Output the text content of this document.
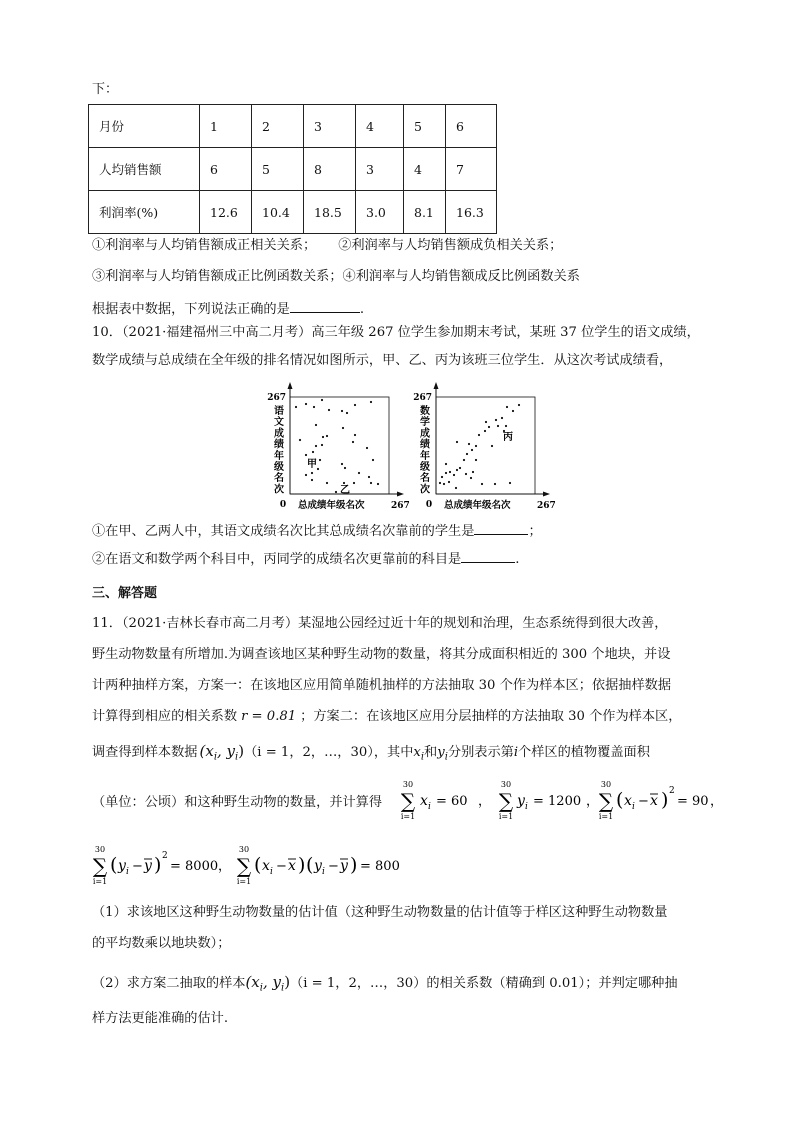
下：
月份	1	2	3	4	5	6
人均销售额	6	5	8	3	4	7
利润率(%)	12.6	10.4	18.5	3.0	8.1	16.3
①利润率与人均销售额成正相关关系； ②利润率与人均销售额成负相关关系；
③利润率与人均销售额成正比例函数关系；④利润率与人均销售额成反比例函数关系
根据表中数据，下列说法正确的是	.
10．（2021·福建福州三中高二月考）高三年级 267 位学生参加期末考试，某班 37 位学生的语文成绩，
数学成绩与总成绩在全年级的排名情况如图所示，甲、乙、丙为该班三位学生．从这次考试成绩看，
267
0 总成绩年级名次	267
语
文
成
绩
年
级
名
次
甲
乙
267
0 总成绩年级名次	267
数
学
成
绩
年
级
名
次
丙
①在甲、乙两人中，其语文成绩名次比其总成绩名次靠前的学生是	；
②在语文和数学两个科目中，丙同学的成绩名次更靠前的科目是	.
三、解答题
11．（2021·吉林长春市高二月考）某湿地公园经过近十年的规划和治理，生态系统得到很大改善，
野生动物数量有所增加.为调查该地区某种野生动物的数量，将其分成面积相近的 300 个地块，并设
计两种抽样方案，方案一：在该地区应用简单随机抽样的方法抽取 30 个作为样本区；依据抽样数据
计算得到相应的相关系数 r = 0.81 ；方案二：在该地区应用分层抽样的方法抽取 30 个作为样本区，
调查得到样本数据 ($x_i$, $y_i)(i = 1$，2，…，30），其中$x_i$和$y_i$分别表示第i个样区的植物覆盖面积
（单位：公顷）和这种野生动物的数量，并计算得
30
∑
i=1
x i = 60 ，
30
∑
i=1
y i = 1200 ，
30
∑
i=1
( x i − x ) 2
= 90 ，
30
∑
i=1
( y i − y ) 2
= 8000 ，
30
∑
i=1
( x i − x ) ( y i − y ) = 800
（1）求该地区这种野生动物数量的估计值（这种野生动物数量的估计值等于样区这种野生动物数量
的平均数乘以地块数）；
（2）求方案二抽取的样本($x_i$, $y_i)(i = 1$，2，…，30）的相关系数（精确到 0.01）；并判定哪种抽
样方法更能准确的估计.
